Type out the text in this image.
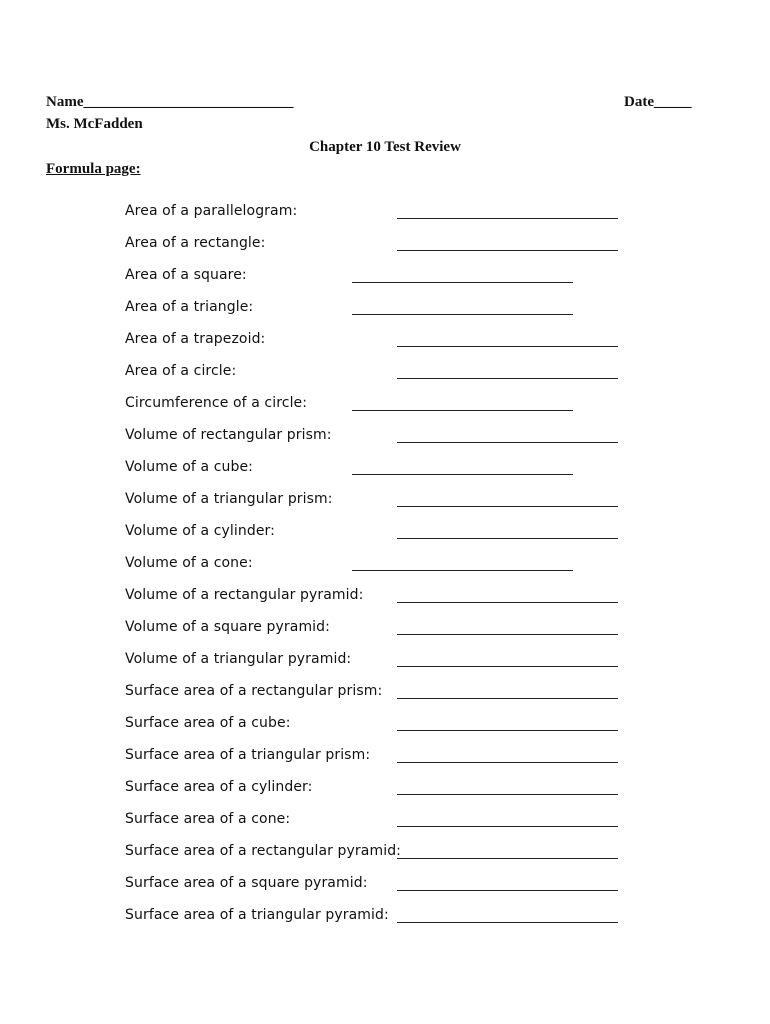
Name____________________________	Date_____
Ms. McFadden
Chapter 10 Test Review
Formula page:
Area of a parallelogram:
Area of a rectangle:
Area of a square:
Area of a triangle:
Area of a trapezoid:
Area of a circle:
Circumference of a circle:
Volume of rectangular prism:
Volume of a cube:
Volume of a triangular prism:
Volume of a cylinder:
Volume of a cone:
Volume of a rectangular pyramid:
Volume of a square pyramid:
Volume of a triangular pyramid:
Surface area of a rectangular prism:
Surface area of a cube:
Surface area of a triangular prism:
Surface area of a cylinder:
Surface area of a cone:
Surface area of a rectangular pyramid:
Surface area of a square pyramid:
Surface area of a triangular pyramid:
